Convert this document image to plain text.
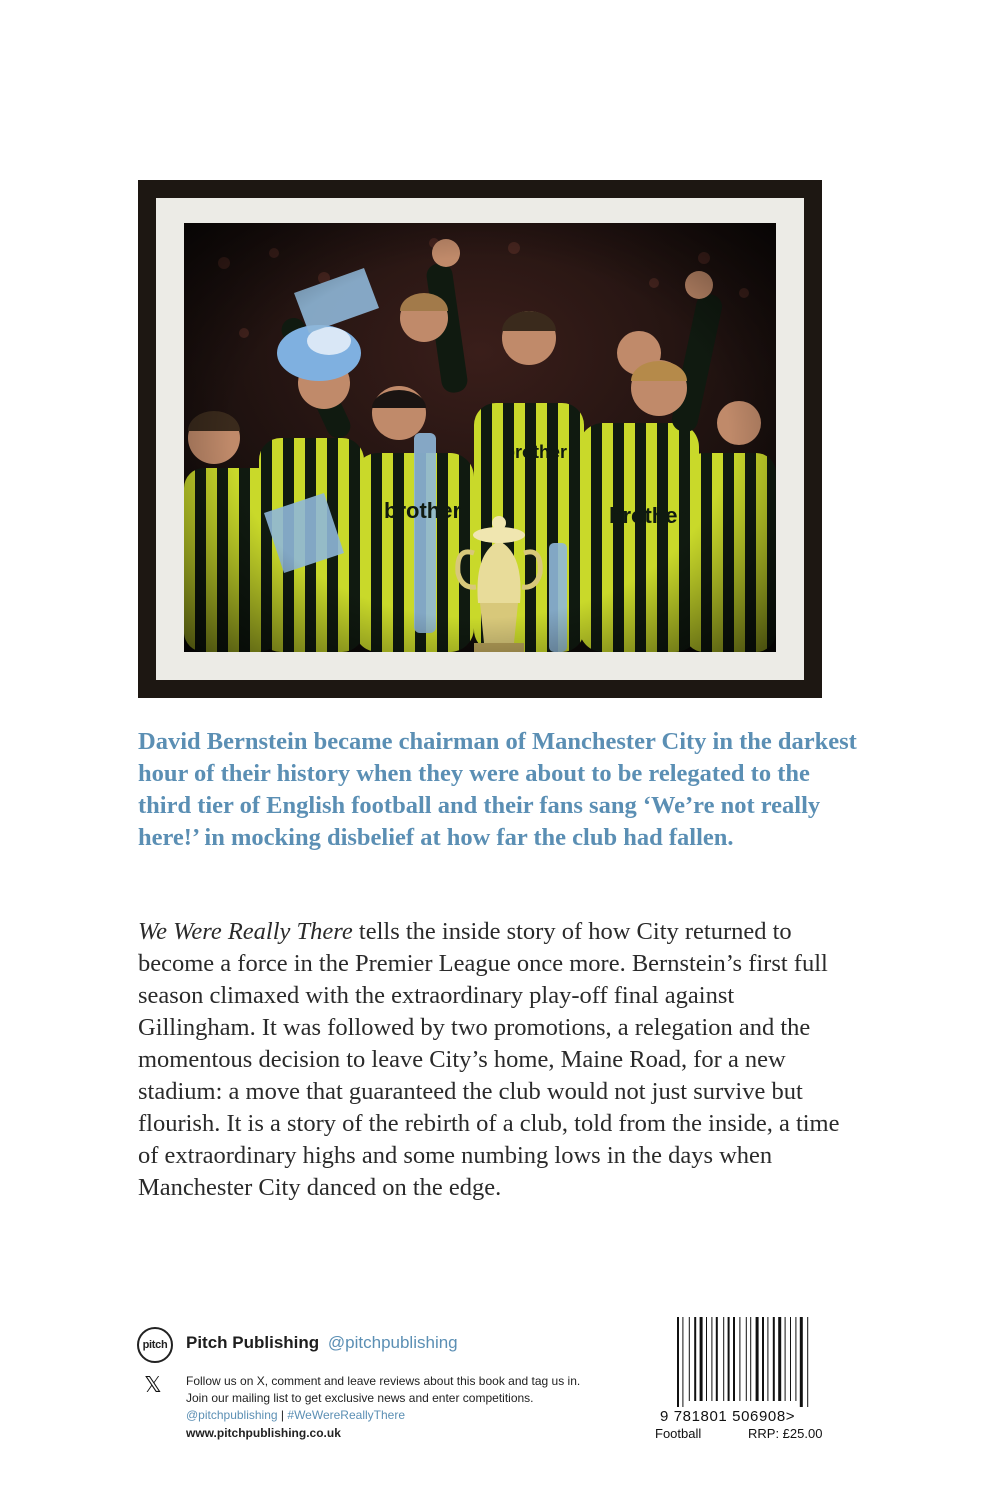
David Bernstein became chairman of Manchester City in the darkest hour of their history when they were about to be relegated to the third tier of English football and their fans sang ‘We’re not really here!’ in mocking disbelief at how far the club had fallen.

We Were Really There tells the inside story of how City returned to become a force in the Premier League once more. Bernstein’s first full season climaxed with the extraordinary play-off final against Gillingham. It was followed by two promotions, a relegation and the momentous decision to leave City’s home, Maine Road, for a new stadium: a move that guaranteed the club would not just survive but flourish. It is a story of the rebirth of a club, told from the inside, a time of extraordinary highs and some numbing lows in the days when Manchester City danced on the edge.

pitch	Pitch Publishing @pitchpublishing
𝕏	Follow us on X, comment and leave reviews about this book and tag us in.
Join our mailing list to get exclusive news and enter competitions.
@pitchpublishing | #WeWereReallyThere
www.pitchpublishing.co.uk
9 781801 506908>
Football	RRP: £25.00
